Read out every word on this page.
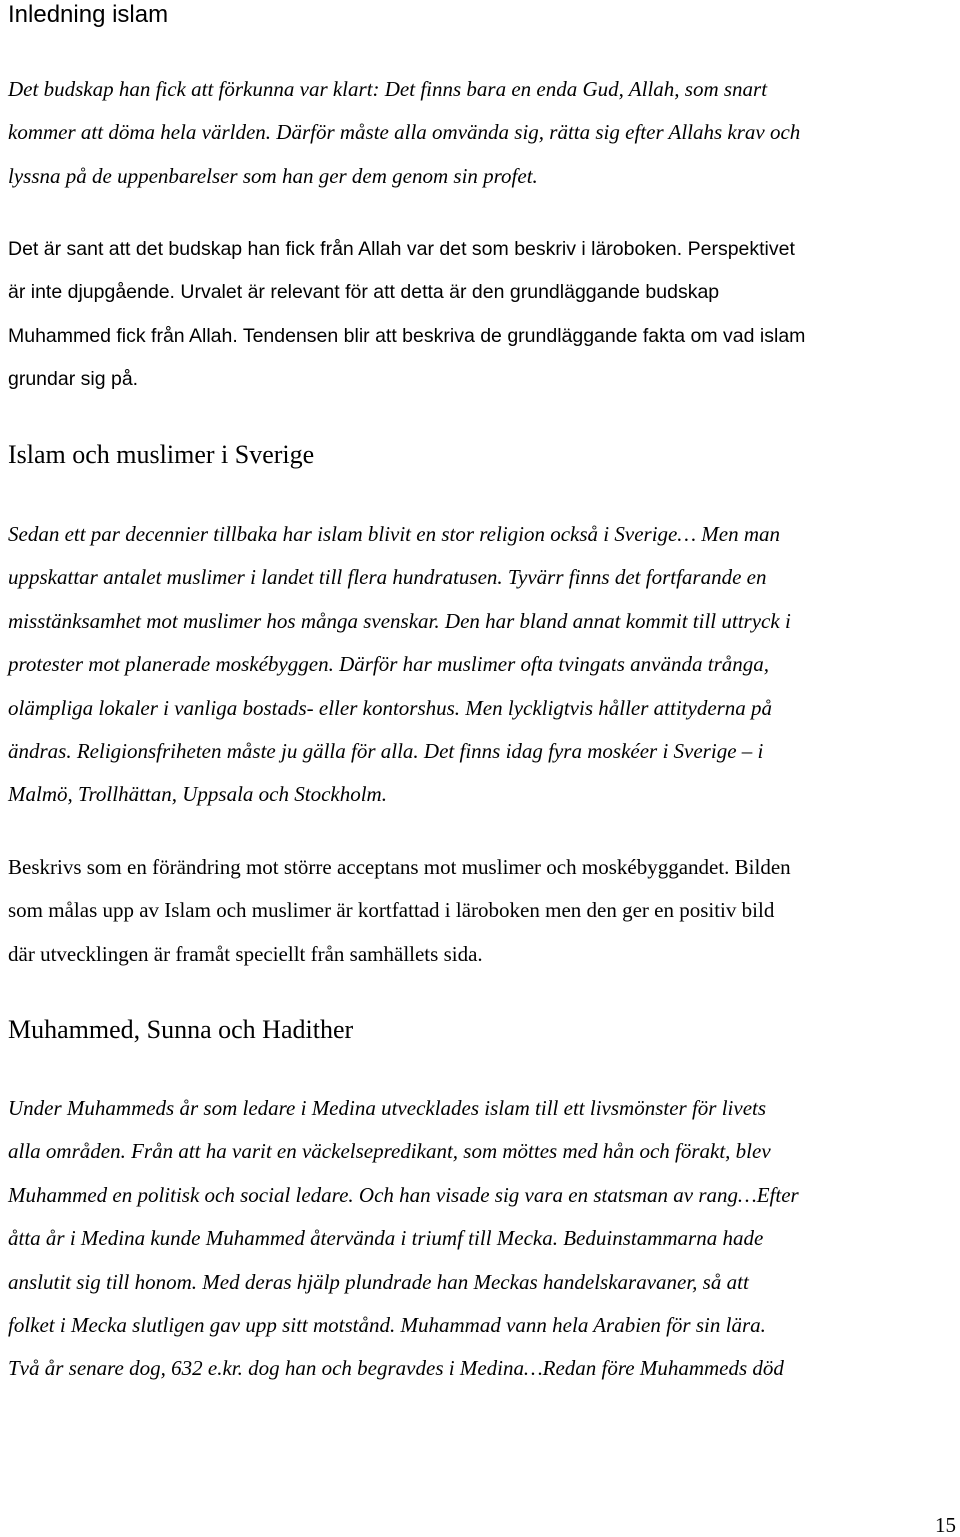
Inledning islam
Det budskap han fick att förkunna var klart: Det finns bara en enda Gud, Allah, som snart
kommer att döma hela världen. Därför måste alla omvända sig, rätta sig efter Allahs krav och
lyssna på de uppenbarelser som han ger dem genom sin profet.
Det är sant att det budskap han fick från Allah var det som beskriv i läroboken. Perspektivet
är inte djupgående. Urvalet är relevant för att detta är den grundläggande budskap
Muhammed fick från Allah. Tendensen blir att beskriva de grundläggande fakta om vad islam
grundar sig på.
Islam och muslimer i Sverige
Sedan ett par decennier tillbaka har islam blivit en stor religion också i Sverige… Men man
uppskattar antalet muslimer i landet till flera hundratusen. Tyvärr finns det fortfarande en
misstänksamhet mot muslimer hos många svenskar. Den har bland annat kommit till uttryck i
protester mot planerade moskébyggen. Därför har muslimer ofta tvingats använda trånga,
olämpliga lokaler i vanliga bostads- eller kontorshus. Men lyckligtvis håller attityderna på
ändras. Religionsfriheten måste ju gälla för alla. Det finns idag fyra moskéer i Sverige – i
Malmö, Trollhättan, Uppsala och Stockholm.
Beskrivs som en förändring mot större acceptans mot muslimer och moskébyggandet. Bilden
som målas upp av Islam och muslimer är kortfattad i läroboken men den ger en positiv bild
där utvecklingen är framåt speciellt från samhällets sida.
Muhammed, Sunna och Hadither
Under Muhammeds år som ledare i Medina utvecklades islam till ett livsmönster för livets
alla områden. Från att ha varit en väckelsepredikant, som möttes med hån och förakt, blev
Muhammed en politisk och social ledare. Och han visade sig vara en statsman av rang…Efter
åtta år i Medina kunde Muhammed återvända i triumf till Mecka. Beduinstammarna hade
anslutit sig till honom. Med deras hjälp plundrade han Meckas handelskaravaner, så att
folket i Mecka slutligen gav upp sitt motstånd. Muhammad vann hela Arabien för sin lära.
Två år senare dog, 632 e.kr. dog han och begravdes i Medina…Redan före Muhammeds död
15
